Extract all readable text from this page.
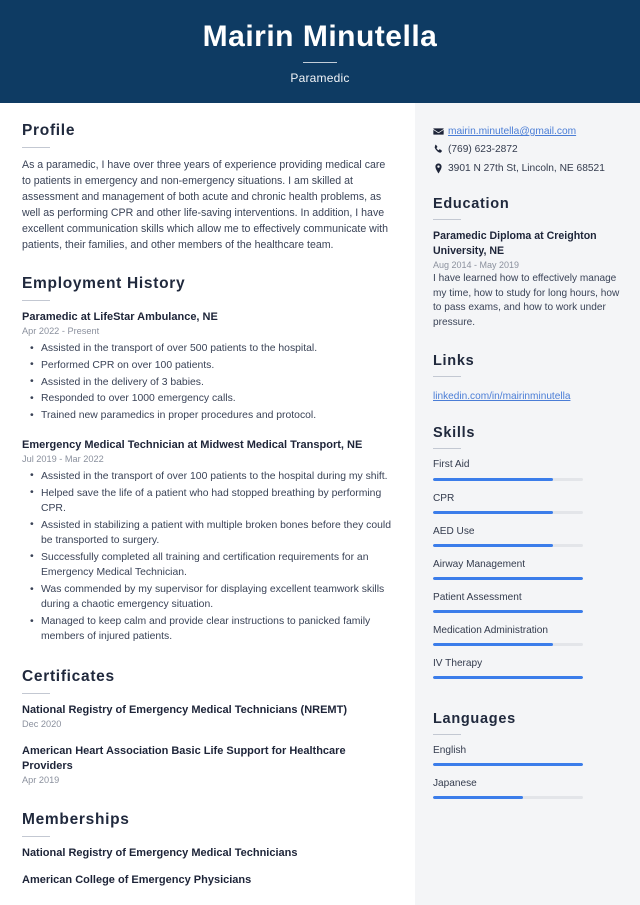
Mairin Minutella
Paramedic
Profile

As a paramedic, I have over three years of experience providing medical care to patients in emergency and non-emergency situations. I am skilled at assessment and management of both acute and chronic health problems, as well as performing CPR and other life-saving interventions. In addition, I have excellent communication skills which allow me to effectively communicate with patients, their families, and other members of the healthcare team.

Employment History
Paramedic at LifeStar Ambulance, NE
Apr 2022 - Present
• Assisted in the transport of over 500 patients to the hospital.
• Performed CPR on over 100 patients.
• Assisted in the delivery of 3 babies.
• Responded to over 1000 emergency calls.
• Trained new paramedics in proper procedures and protocol.
Emergency Medical Technician at Midwest Medical Transport, NE
Jul 2019 - Mar 2022
• Assisted in the transport of over 100 patients to the hospital during my shift.
• Helped save the life of a patient who had stopped breathing by performing CPR.
• Assisted in stabilizing a patient with multiple broken bones before they could be transported to surgery.
• Successfully completed all training and certification requirements for an Emergency Medical Technician.
• Was commended by my supervisor for displaying excellent teamwork skills during a chaotic emergency situation.
• Managed to keep calm and provide clear instructions to panicked family members of injured patients.
Certificates
National Registry of Emergency Medical Technicians (NREMT)
Dec 2020
American Heart Association Basic Life Support for Healthcare Providers
Apr 2019
Memberships
National Registry of Emergency Medical Technicians
American College of Emergency Physicians
mairin.minutella@gmail.com
(769) 623-2872
3901 N 27th St, Lincoln, NE 68521
Education
Paramedic Diploma at Creighton University, NE
Aug 2014 - May 2019
I have learned how to effectively manage my time, how to study for long hours, how to pass exams, and how to work under pressure.
Links
linkedin.com/in/mairinminutella
Skills
First Aid
CPR
AED Use
Airway Management
Patient Assessment
Medication Administration
IV Therapy
Languages
English
Japanese
